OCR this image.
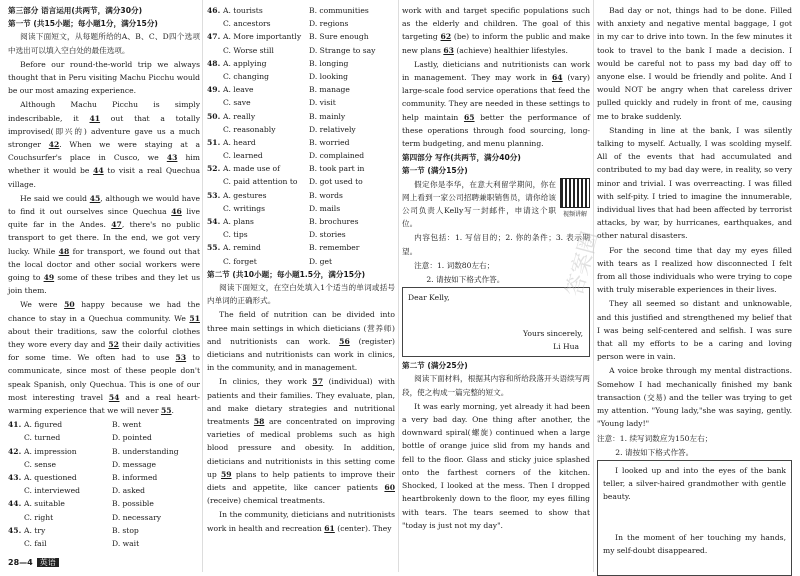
第三部分 语言运用(共两节，满分30分)
第一节 (共15小题；每小题1分，满分15分)

阅读下面短文，从每题所给的A、B、C、D四个选项中选出可以填入空白处的最佳选项。

Before our round-the-world trip we always thought that in Peru visiting Machu Picchu would be our most amazing experience.

Although Machu Picchu is simply indescribable, it 41 out that a totally improvised(即兴的) adventure gave us a much stronger 42. When we were staying at a Couchsurfer's place in Cusco, we 43 him whether it would be 44 to visit a real Quechua village.

He said we could 45, although we would have to find it out ourselves since Quechua 46 live quite far in the Andes. 47, there's no public transport to get there. In the end, we got very lucky. While 48 for transport, we found out that the local doctor and other social workers were going to 49 some of these tribes and they let us join them.

We were 50 happy because we had the chance to stay in a Quechua community. We 51 about their traditions, saw the colorful clothes they wore every day and 52 their daily activities for some time. We often had to use 53 to communicate, since most of these people don't speak Spanish, only Quechua. This is one of our most interesting travel 54 and a real heart-warming experience that we will never 55.

41. A. figured	B. went
C. turned	D. pointed
42. A. impression	B. understanding
C. sense	D. message
43. A. questioned	B. informed
C. interviewed	D. asked
44. A. suitable	B. possible
C. right	D. necessary
45. A. try	B. stop
C. fail	D. wait
46. A. tourists	B. communities
C. ancestors	D. regions
47. A. More importantly	B. Sure enough
C. Worse still	D. Strange to say
48. A. applying	B. longing
C. changing	D. looking
49. A. leave	B. manage
C. save	D. visit
50. A. really	B. mainly
C. reasonably	D. relatively
51. A. heard	B. worried
C. learned	D. complained
52. A. made use of	B. took part in
C. paid attention to	D. got used to
53. A. gestures	B. words
C. writings	D. mails
54. A. plans	B. brochures
C. tips	D. stories
55. A. remind	B. remember
C. forget	D. get
第二节 (共10小题；每小题1.5分，满分15分)

阅读下面短文，在空白处填入1个适当的单词或括号内单词的正确形式。

The field of nutrition can be divided into three main settings in which dieticians (营养师) and nutritionists can work. 56 (register) dieticians and nutritionists can work in clinics, in the community, and in management.

In clinics, they work 57 (individual) with patients and their families. They evaluate, plan, and make dietary strategies and nutritional treatments 58 are concentrated on improving varieties of medical problems such as high blood pressure and obesity. In addition, dieticians and nutritionists in this setting come up 59 plans to help patients to improve their diets and appetite, like cancer patients 60 (receive) chemical treatments.

In the community, dieticians and nutritionists work in health and recreation 61 (center). They

work with and target specific populations such as the elderly and children. The goal of this targeting 62 (be) to inform the public and make new plans 63 (achieve) healthier lifestyles.

Lastly, dieticians and nutritionists can work in management. They may work in 64 (vary) large-scale food service operations that feed the community. They are needed in these settings to help maintain 65 better the performance of these operations through food sourcing, long-term budgeting, and menu planning.

第四部分 写作(共两节，满分40分)
第一节 (满分15分)
视频讲解

假定你是李华，在意大利留学期间，你在网上看到一家公司招聘兼职销售员，请你给该公司负责人Kelly写一封邮件，申请这个职位。

内容包括：1. 写信目的；2. 你的条件；3. 表示期望。

注意：1. 词数80左右；

2. 请按如下格式作答。

Dear Kelly,
Yours sincerely,
Li Hua
第二节 (满分25分)

阅读下面材料，根据其内容和所给段落开头语续写两段，使之构成一篇完整的短文。

It was early morning, yet already it had been a very bad day. One thing after another, the downward spiral(螺旋) continued when a large bottle of orange juice slid from my hands and fell to the floor. Glass and sticky juice splashed onto the farthest corners of the kitchen. Shocked, I looked at the mess. Then I dropped heartbrokenly down to the floor, my eyes filling with tears. The tears seemed to show that "today is just not my day".

Bad day or not, things had to be done. Filled with anxiety and negative mental baggage, I got in my car to drive into town. In the few minutes it took to travel to the bank I made a decision. I would be careful not to pass my bad day off to anyone else. I would be friendly and polite. And I would NOT be angry when that careless driver pulled quickly and rudely in front of me, causing me to brake suddenly.

Standing in line at the bank, I was silently talking to myself. Actually, I was scolding myself. All of the events that had accumulated and contributed to my bad day were, in reality, so very minor and trivial. I was overreacting. I was filled with self-pity. I tried to imagine the innumerable, individual lives that had been affected by terrorist attacks, by war, by hurricanes, earthquakes, and other natural disasters.

For the second time that day my eyes filled with tears as I realized how disconnected I felt from all those individuals who were trying to cope with truly miserable experiences in their lives.

They all seemed so distant and unknowable, and this justified and strengthened my belief that I was being self-centered and selfish. I was sure that all my efforts to be a caring and loving person were in vain.

A voice broke through my mental distractions. Somehow I had mechanically finished my bank transaction (交易) and the teller was trying to get my attention. "Young lady,"she was saying, gently. "Young lady!"

注意：1. 续写词数应为150左右；

2. 请按如下格式作答。

I looked up and into the eyes of the bank teller, a silver-haired grandmother with gentle beauty.

In the moment of her touching my hands, my self-doubt disappeared.

答案圈
28—4 英语
